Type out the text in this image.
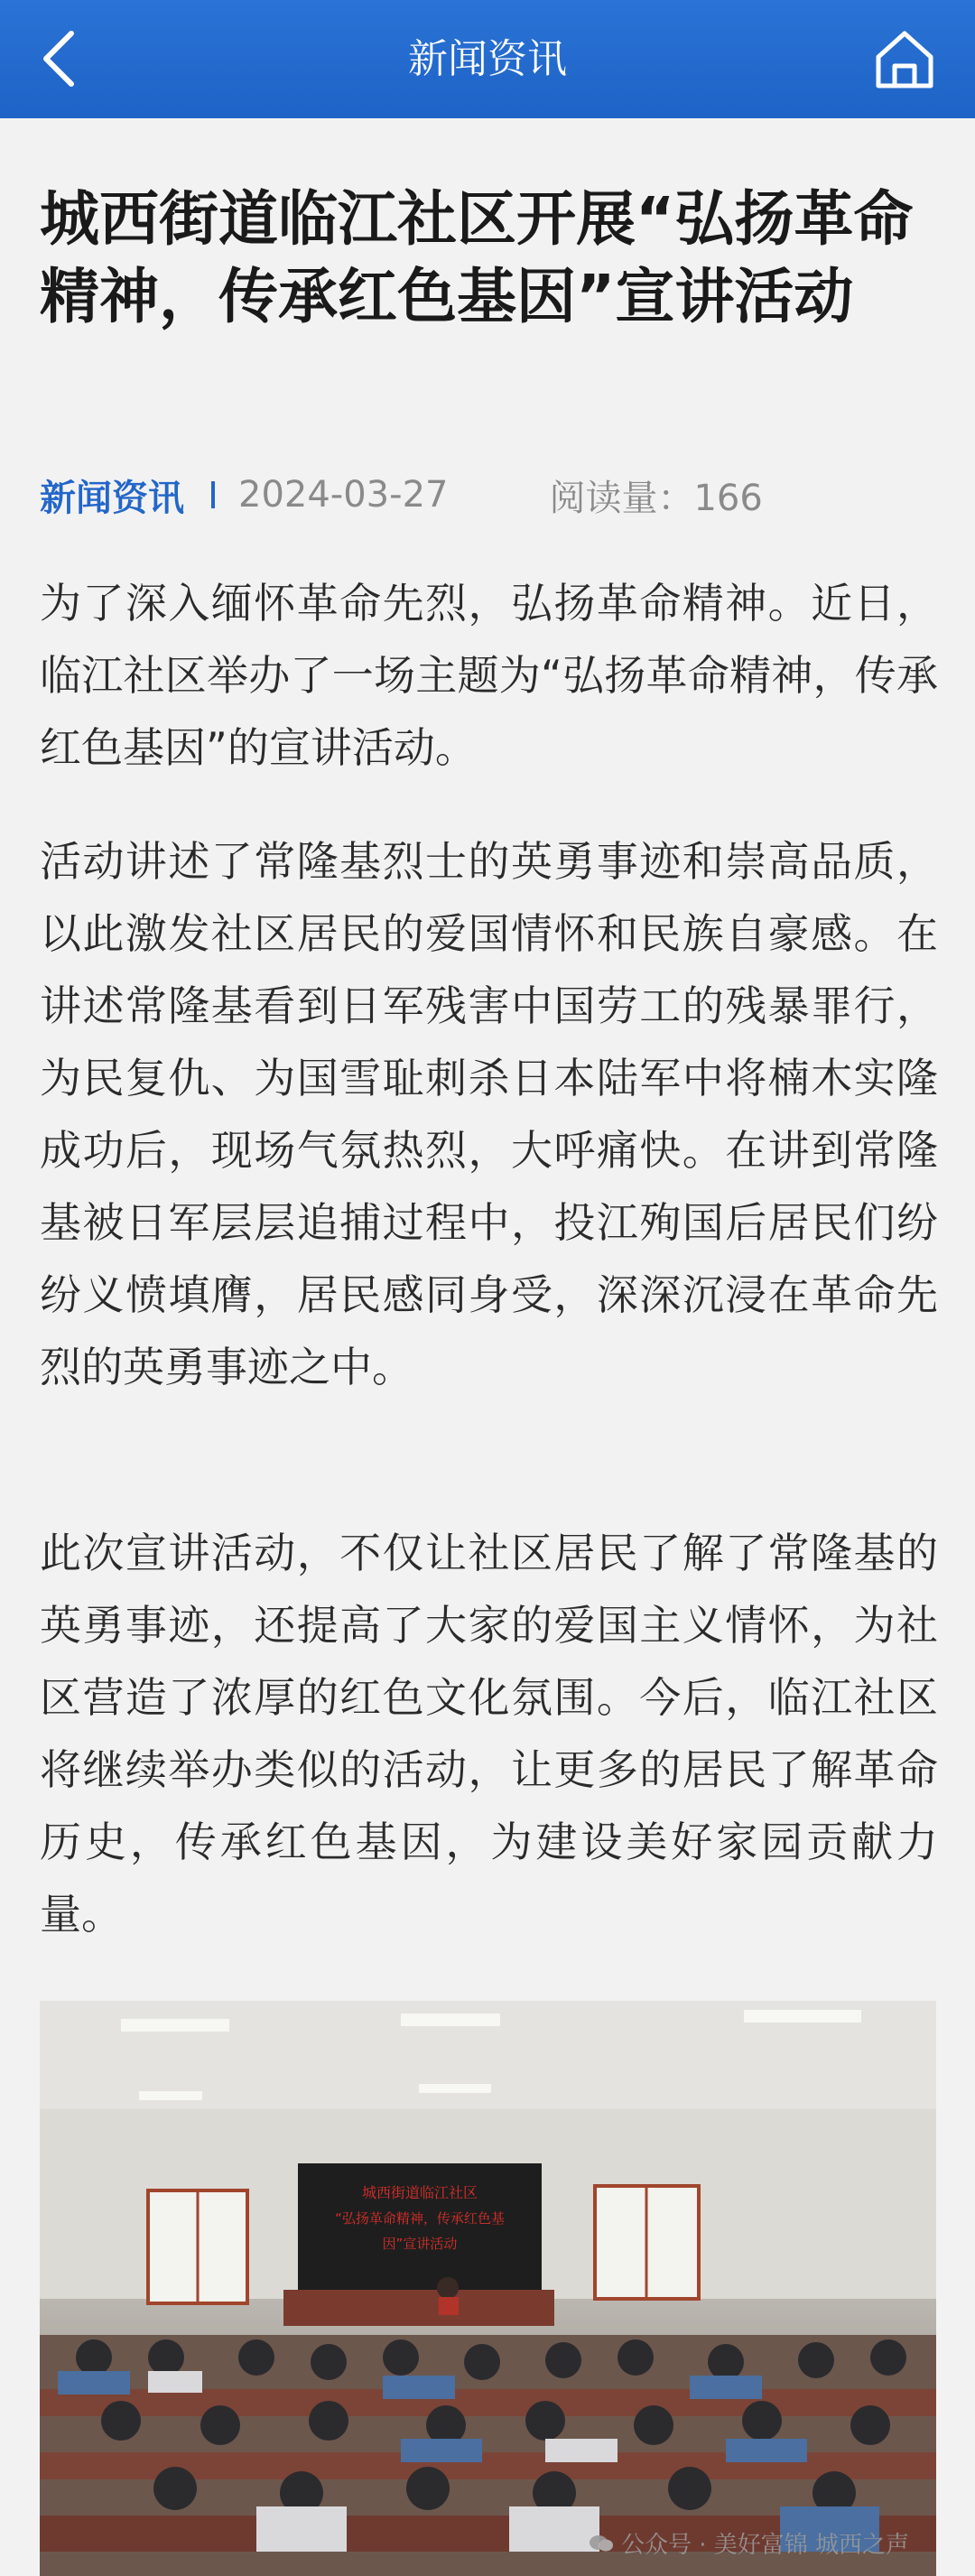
新闻资讯
城西街道临江社区开展“弘扬革命精神，传承红色基因”宣讲活动
新闻资讯 2024-03-27	阅读量：166

为了深入缅怀革命先烈，弘扬革命精神。近日，临江社区举办了一场主题为“弘扬革命精神，传承红色基因”的宣讲活动。

活动讲述了常隆基烈士的英勇事迹和崇高品质，以此激发社区居民的爱国情怀和民族自豪感。在讲述常隆基看到日军残害中国劳工的残暴罪行，为民复仇、为国雪耻刺杀日本陆军中将楠木实隆成功后，现场气氛热烈，大呼痛快。在讲到常隆基被日军层层追捕过程中，投江殉国后居民们纷纷义愤填膺，居民感同身受，深深沉浸在革命先烈的英勇事迹之中。

此次宣讲活动，不仅让社区居民了解了常隆基的英勇事迹，还提高了大家的爱国主义情怀，为社区营造了浓厚的红色文化氛围。今后，临江社区将继续举办类似的活动，让更多的居民了解革命历史，传承红色基因，为建设美好家园贡献力量。

城西街道临江社区
“弘扬革命精神，传承红色基
因”宣讲活动
公众号 · 美好富锦 城西之声
